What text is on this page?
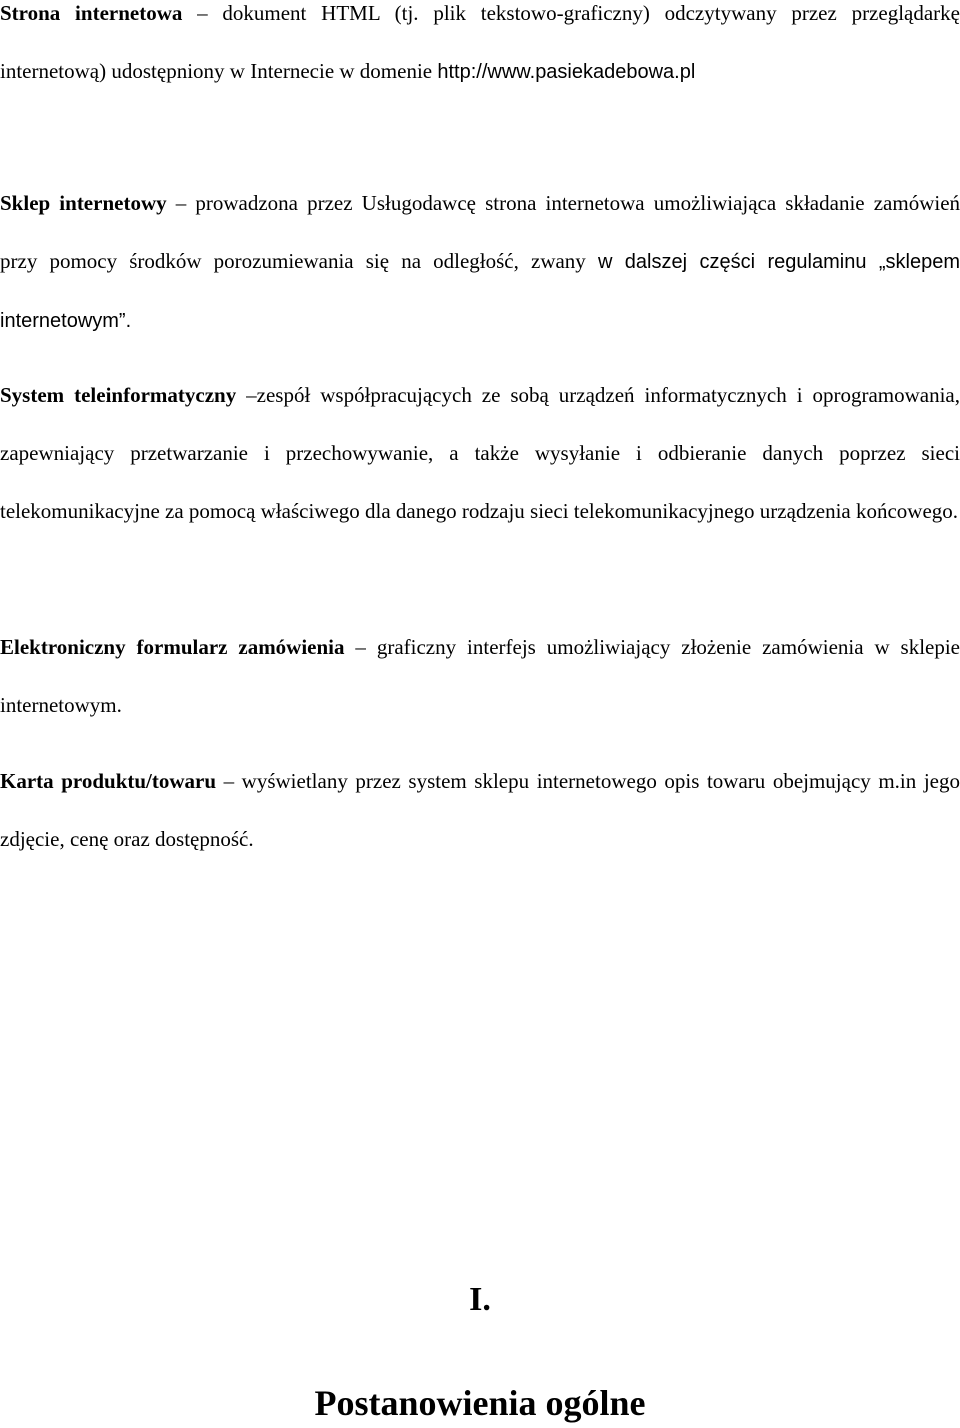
Strona internetowa – dokument HTML (tj. plik tekstowo-graficzny) odczytywany przez przeglądarkę internetową) udostępniony w Internecie w domenie http://www.pasiekadebowa.pl

Sklep internetowy – prowadzona przez Usługodawcę strona internetowa umożliwiająca składanie zamówień przy pomocy środków porozumiewania się na odległość, zwany w dalszej części regulaminu „sklepem internetowym”.

System teleinformatyczny –zespół współpracujących ze sobą urządzeń informatycznych i oprogramowania, zapewniający przetwarzanie i przechowywanie, a także wysyłanie i odbieranie danych poprzez sieci telekomunikacyjne za pomocą właściwego dla danego rodzaju sieci telekomunikacyjnego urządzenia końcowego.

Elektroniczny formularz zamówienia – graficzny interfejs umożliwiający złożenie zamówienia w sklepie internetowym.

Karta produktu/towaru – wyświetlany przez system sklepu internetowego opis towaru obejmujący m.in jego zdjęcie, cenę oraz dostępność.

I.
Postanowienia ogólne
